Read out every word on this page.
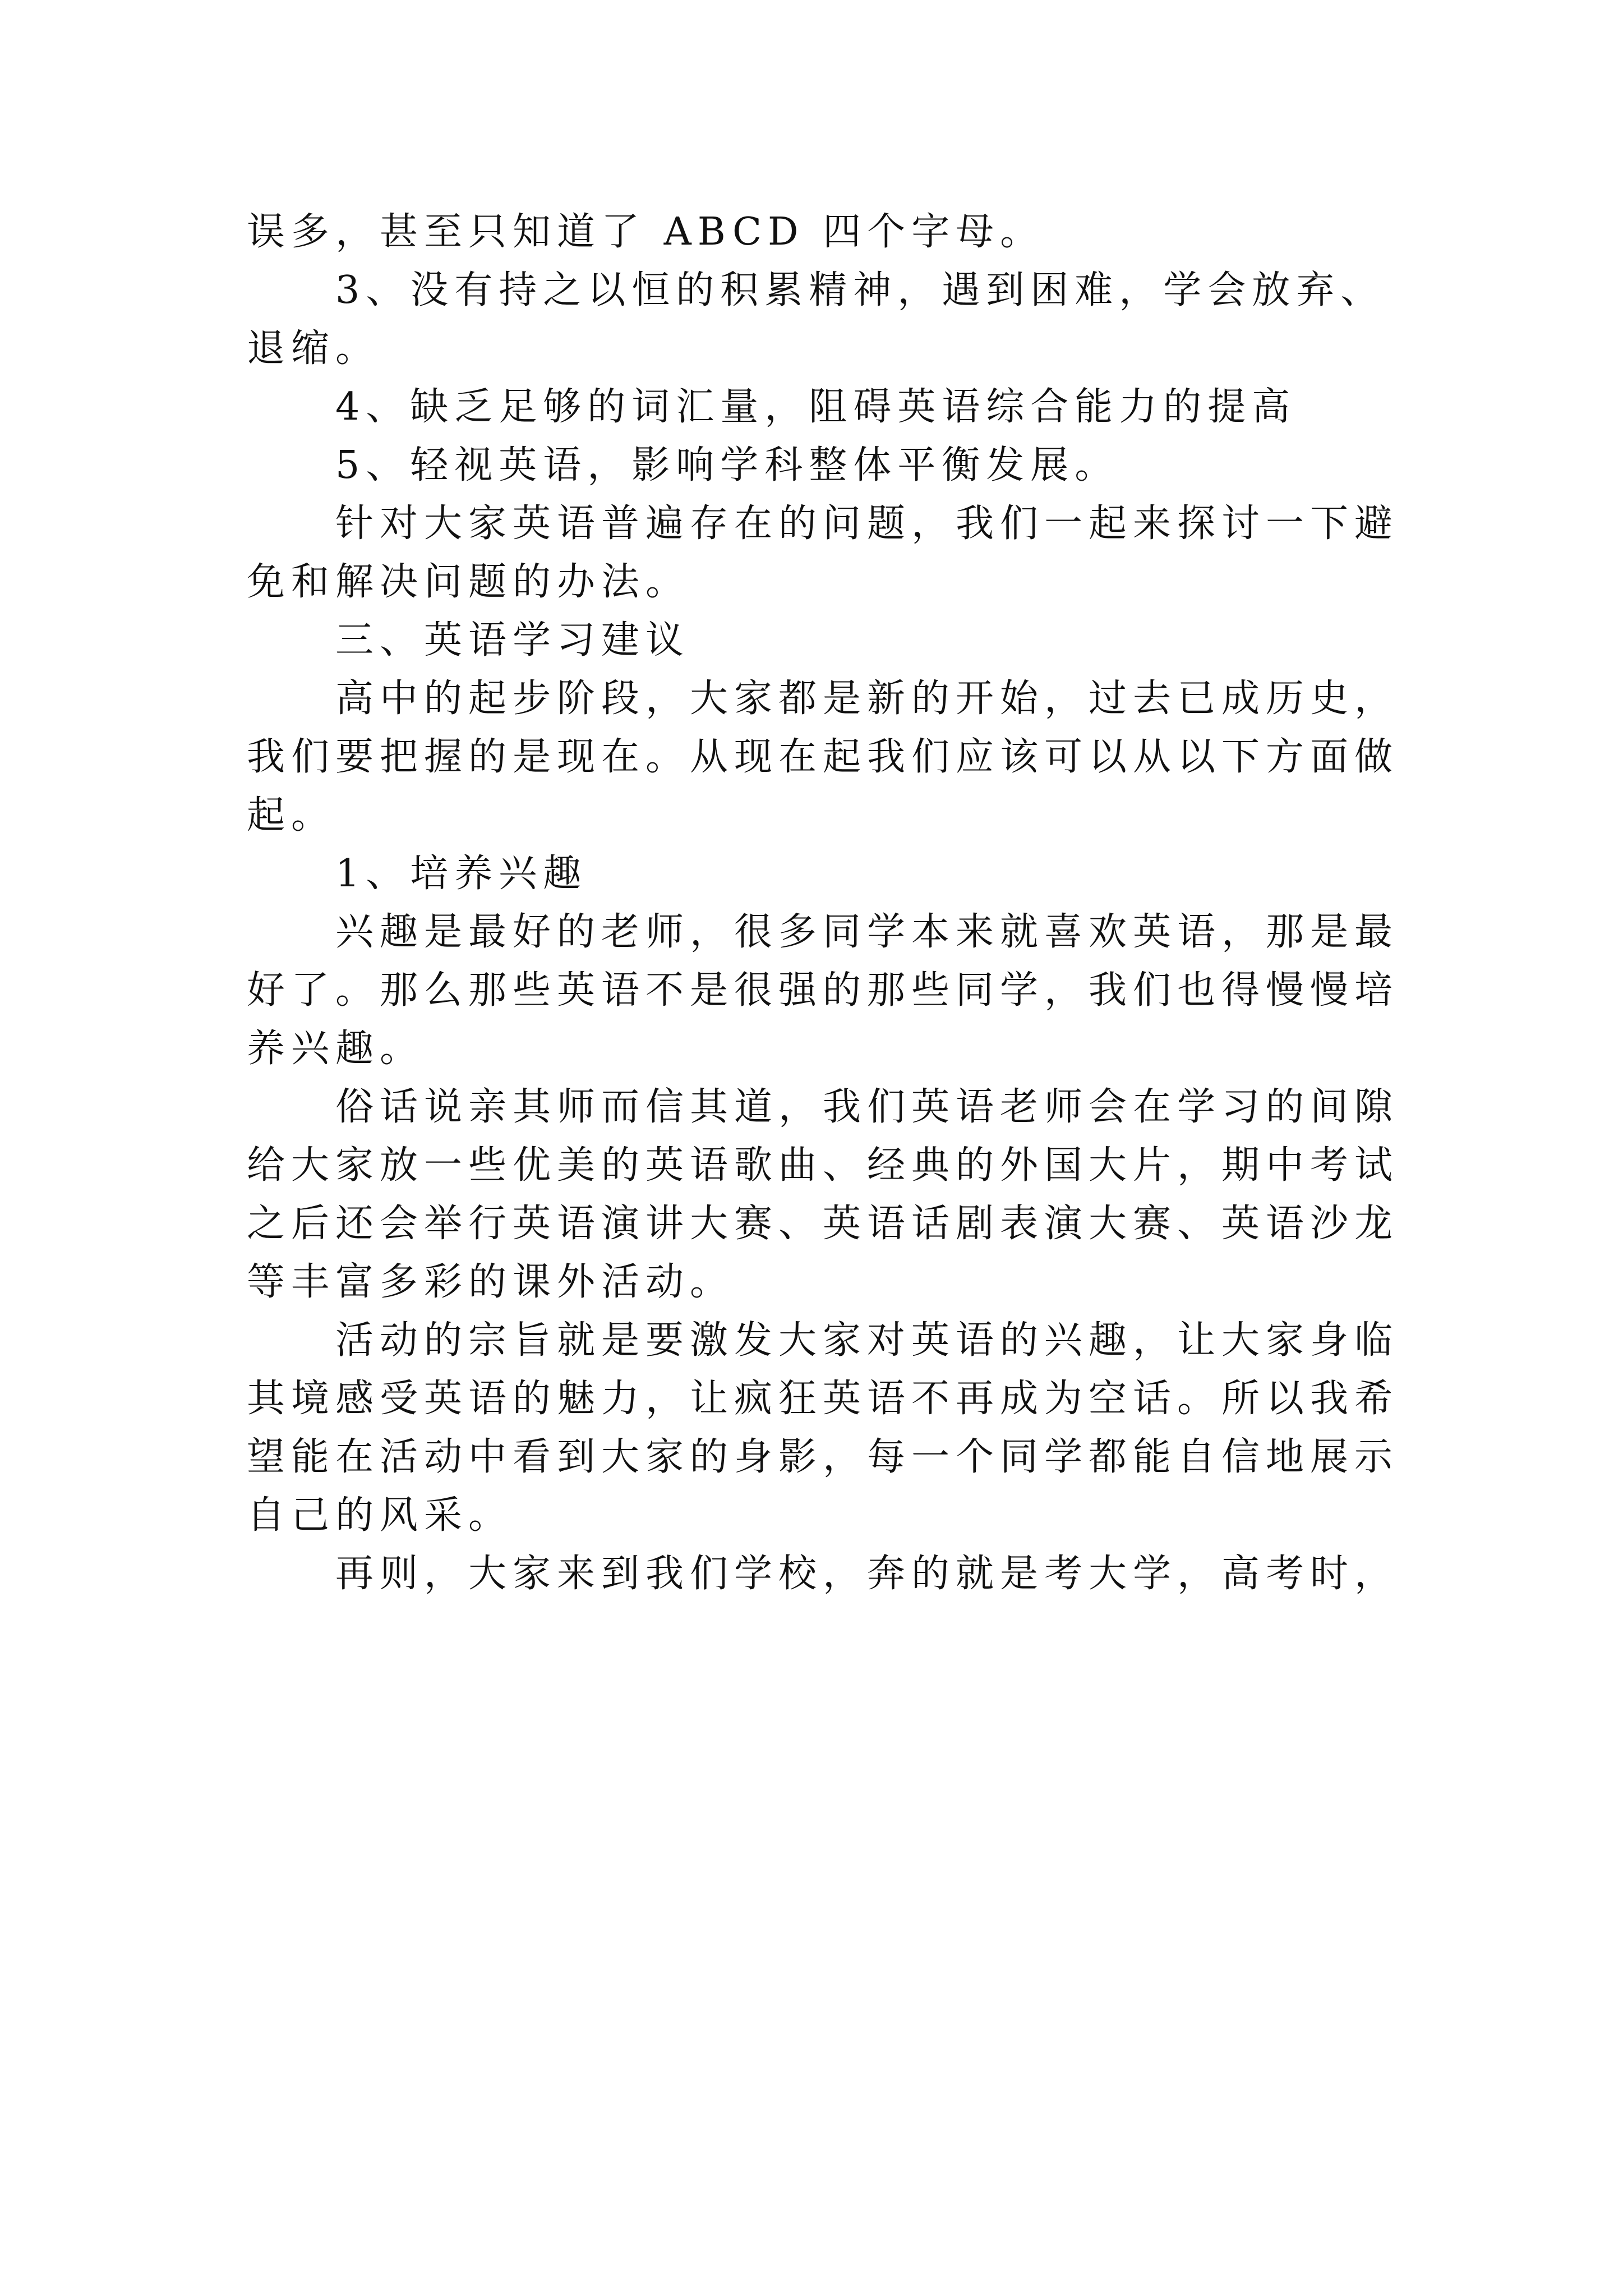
误多，甚至只知道了 ABCD 四个字母。
3、没有持之以恒的积累精神，遇到困难，学会放弃、
退缩。
4、缺乏足够的词汇量，阻碍英语综合能力的提高
5、轻视英语，影响学科整体平衡发展。
针对大家英语普遍存在的问题，我们一起来探讨一下避
免和解决问题的办法。
三、英语学习建议
高中的起步阶段，大家都是新的开始，过去已成历史，
我们要把握的是现在。从现在起我们应该可以从以下方面做
起。
1、培养兴趣
兴趣是最好的老师，很多同学本来就喜欢英语，那是最
好了。那么那些英语不是很强的那些同学，我们也得慢慢培
养兴趣。
俗话说亲其师而信其道，我们英语老师会在学习的间隙
给大家放一些优美的英语歌曲、经典的外国大片，期中考试
之后还会举行英语演讲大赛、英语话剧表演大赛、英语沙龙
等丰富多彩的课外活动。
活动的宗旨就是要激发大家对英语的兴趣，让大家身临
其境感受英语的魅力，让疯狂英语不再成为空话。所以我希
望能在活动中看到大家的身影，每一个同学都能自信地展示
自己的风采。
再则，大家来到我们学校，奔的就是考大学，高考时，
